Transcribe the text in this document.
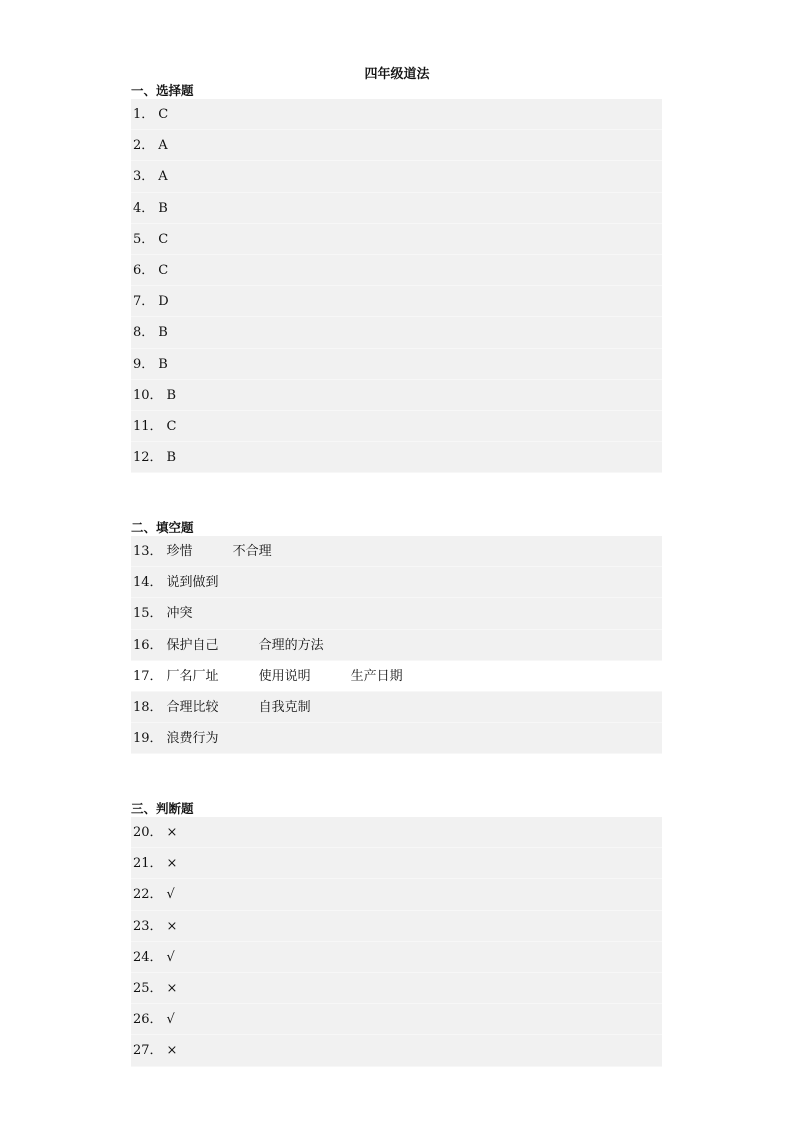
四年级道法
一、选择题
1． C
2． A
3． A
4． B
5． C
6． C
7． D
8． B
9． B
10． B
11． C
12． B
二、填空题
13． 珍惜	不合理
14． 说到做到
15． 冲突
16． 保护自己	合理的方法
17． 厂名厂址	使用说明	生产日期
18． 合理比较	自我克制
19． 浪费行为
三、判断题
20． ×
21． ×
22． √
23． ×
24． √
25． ×
26． √
27． ×
